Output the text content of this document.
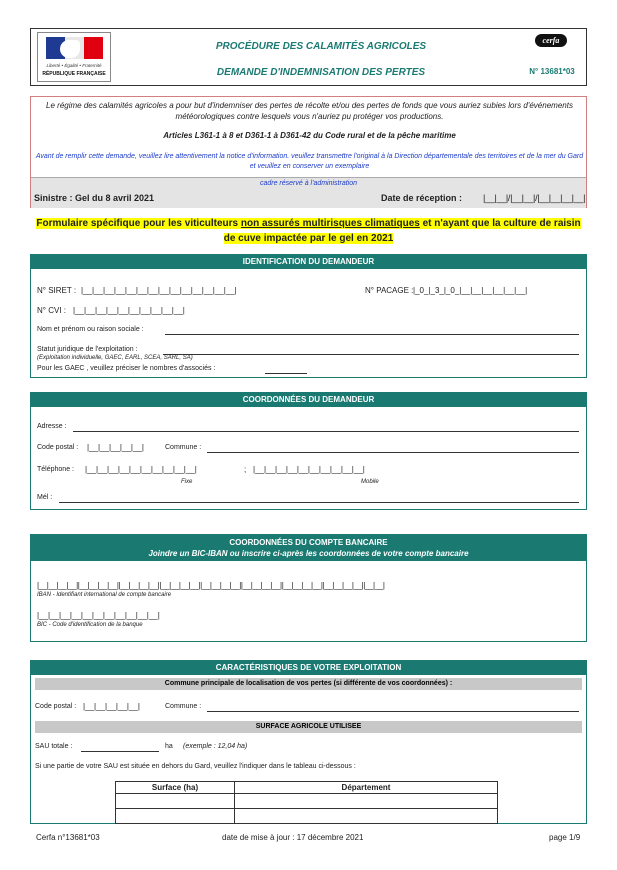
Liberté • Égalité • Fraternité
RÉPUBLIQUE FRANÇAISE
PROCÉDURE DES CALAMITÉS AGRICOLES
DEMANDE D'INDEMNISATION DES PERTES
cerfa
N° 13681*03
Le régime des calamités agricoles a pour but d'indemniser des pertes de récolte et/ou des pertes de fonds que vous auriez subies lors d'événements météorologiques contre lesquels vous n'auriez pu protéger vos productions.
Articles L361-1 à 8 et D361-1 à D361-42 du Code rural et de la pêche maritime
Avant de remplir cette demande, veuillez lire attentivement la notice d'information. veuillez transmettre l'original à la Direction départementale des territoires et de la mer du Gard et veuillez en conserver un exemplaire
cadre réservé à l'administration
Sinistre : Gel du 8 avril 2021	Date de réception : |__|__|/|__|__|/|__|__|__|__|
Formulaire spécifique pour les viticulteurs non assurés multirisques climatiques et n'ayant que la culture de raisin de cuve impactée par le gel en 2021
IDENTIFICATION DU DEMANDEUR
N° SIRET : |__|__|__|__|__|__|__|__|__|__|__|__|__|__|	N° PACAGE : |_0_|_3_|_0_|__|__|__|__|__|__|
N° CVI : |__|__|__|__|__|__|__|__|__|__|
Nom et prénom ou raison sociale :
Statut juridique de l'exploitation :
(Exploitation individuelle, GAEC, EARL, SCEA, SARL, SA)
Pour les GAEC , veuillez préciser le nombres d'associés :
COORDONNÉES DU DEMANDEUR
Adresse :
Code postal : |__|__|__|__|__|	Commune :
Téléphone : |__|__|__|__|__|__|__|__|__|__|	; |__|__|__|__|__|__|__|__|__|__|
Fixe	Mobile
Mél :
COORDONNÉES DU COMPTE BANCAIRE
Joindre un BIC-IBAN ou inscrire ci-après les coordonnées de votre compte bancaire
|__|__|__|__||__|__|__|__||__|__|__|__||__|__|__|__||__|__|__|__||__|__|__|__||__|__|__|__||__|__|__|__||__|__|
IBAN - Identifiant international de compte bancaire
|__|__|__|__|__|__|__|__|__|__|__|
BIC - Code d'identification de la banque
CARACTÉRISTIQUES DE VOTRE EXPLOITATION
Commune principale de localisation de vos pertes (si différente de vos coordonnées) :
Code postal : |__|__|__|__|__|	Commune :
SURFACE AGRICOLE UTILISEE
SAU totale :	ha (exemple : 12,04 ha)
Si une partie de votre SAU est située en dehors du Gard, veuillez l'indiquer dans le tableau ci-dessous :
Surface (ha)	Département

Cerfa n°13681*03	date de mise à jour : 17 décembre 2021	page 1/9
